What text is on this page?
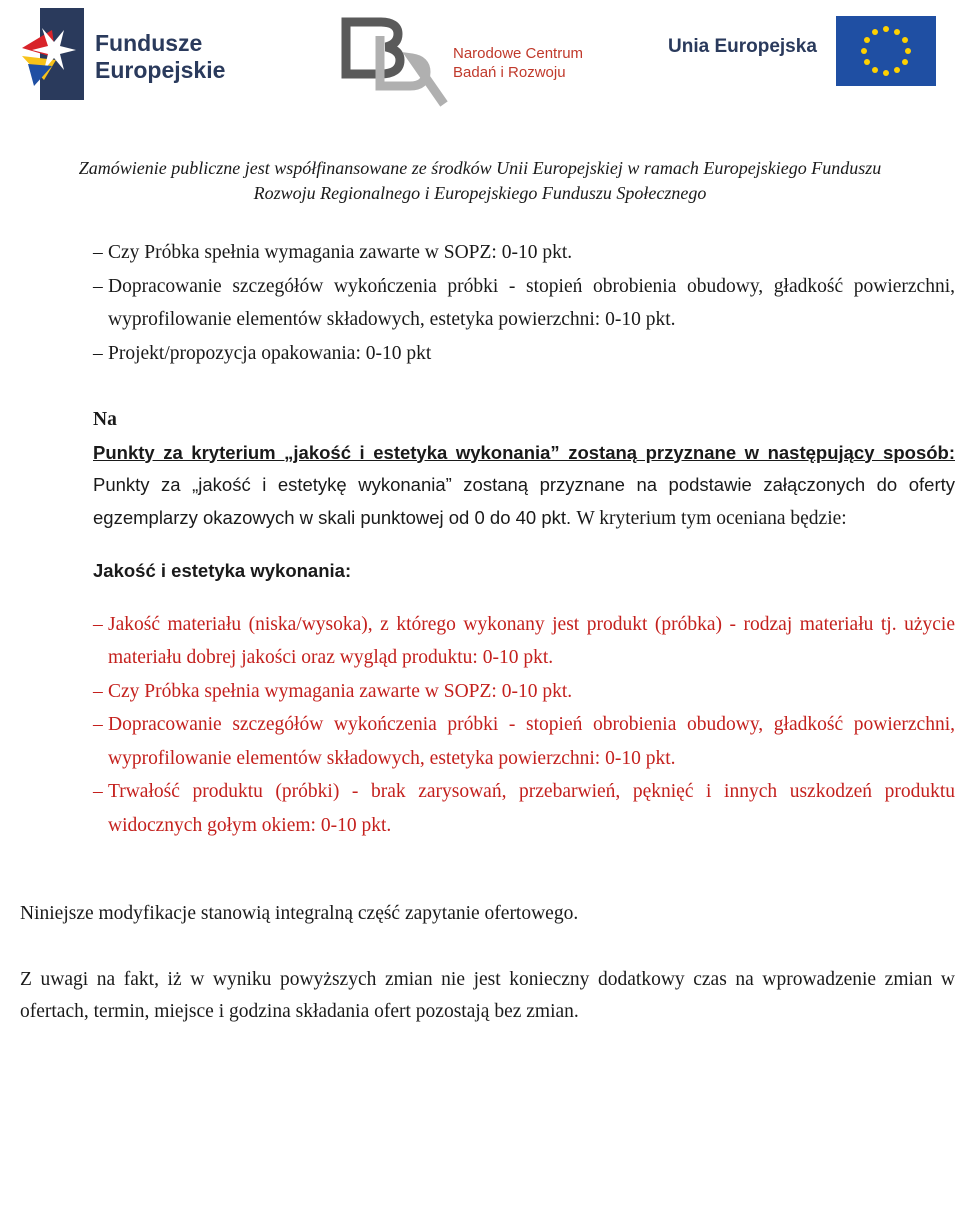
Fundusze
Europejskie
Narodowe Centrum
Badań i Rozwoju
Unia Europejska
Zamówienie publiczne jest współfinansowane ze środków Unii Europejskiej w ramach Europejskiego Funduszu
Rozwoju Regionalnego i Europejskiego Funduszu Społecznego
– Czy Próbka spełnia wymagania zawarte w SOPZ: 0-10 pkt.
– Dopracowanie szczegółów wykończenia próbki - stopień obrobienia obudowy, gładkość powierzchni, wyprofilowanie elementów składowych, estetyka powierzchni: 0-10 pkt.
– Projekt/propozycja opakowania: 0-10 pkt
Na
Punkty za kryterium „jakość i estetyka wykonania” zostaną przyznane w następujący sposób:
Punkty za „jakość i estetykę wykonania” zostaną przyznane na podstawie załączonych do oferty egzemplarzy okazowych w skali punktowej od 0 do 40 pkt. W kryterium tym oceniana będzie:
Jakość i estetyka wykonania:
– Jakość materiału (niska/wysoka), z którego wykonany jest produkt (próbka) - rodzaj materiału tj. użycie materiału dobrej jakości oraz wygląd produktu: 0-10 pkt.
– Czy Próbka spełnia wymagania zawarte w SOPZ: 0-10 pkt.
– Dopracowanie szczegółów wykończenia próbki - stopień obrobienia obudowy, gładkość powierzchni, wyprofilowanie elementów składowych, estetyka powierzchni: 0-10 pkt.
– Trwałość produktu (próbki) - brak zarysowań, przebarwień, pęknięć i innych uszkodzeń produktu widocznych gołym okiem: 0-10 pkt.
Niniejsze modyfikacje stanowią integralną część zapytanie ofertowego.
Z uwagi na fakt, iż w wyniku powyższych zmian nie jest konieczny dodatkowy czas na wprowadzenie zmian w ofertach, termin, miejsce i godzina składania ofert pozostają bez zmian.
